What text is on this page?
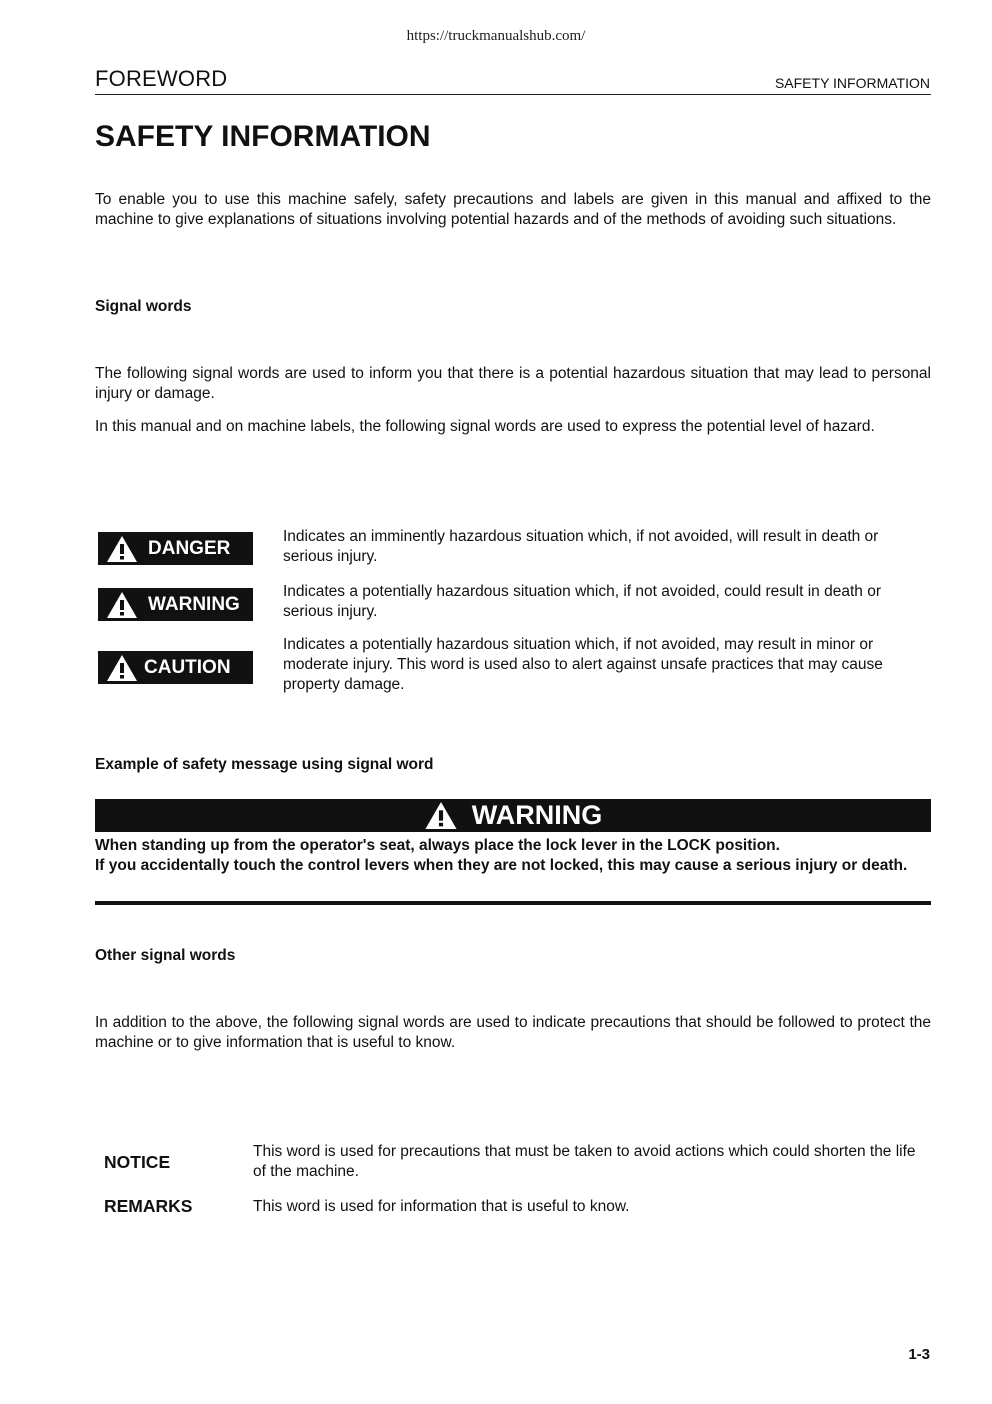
https://truckmanualshub.com/
FOREWORD	SAFETY INFORMATION
SAFETY INFORMATION
To enable you to use this machine safely, safety precautions and labels are given in this manual and affixed to the machine to give explanations of situations involving potential hazards and of the methods of avoiding such situations.
Signal words
The following signal words are used to inform you that there is a potential hazardous situation that may lead to personal injury or damage.
In this manual and on machine labels, the following signal words are used to express the potential level of hazard.
DANGER
Indicates an imminently hazardous situation which, if not avoided, will result in death or serious injury.
WARNING
Indicates a potentially hazardous situation which, if not avoided, could result in death or serious injury.
CAUTION
Indicates a potentially hazardous situation which, if not avoided, may result in minor or moderate injury. This word is used also to alert against unsafe practices that may cause property damage.
Example of safety message using signal word
WARNING
When standing up from the operator's seat, always place the lock lever in the LOCK position.
If you accidentally touch the control levers when they are not locked, this may cause a serious injury or death.
Other signal words
In addition to the above, the following signal words are used to indicate precautions that should be followed to protect the machine or to give information that is useful to know.
NOTICE
This word is used for precautions that must be taken to avoid actions which could shorten the life of the machine.
REMARKS	This word is used for information that is useful to know.
1-3
